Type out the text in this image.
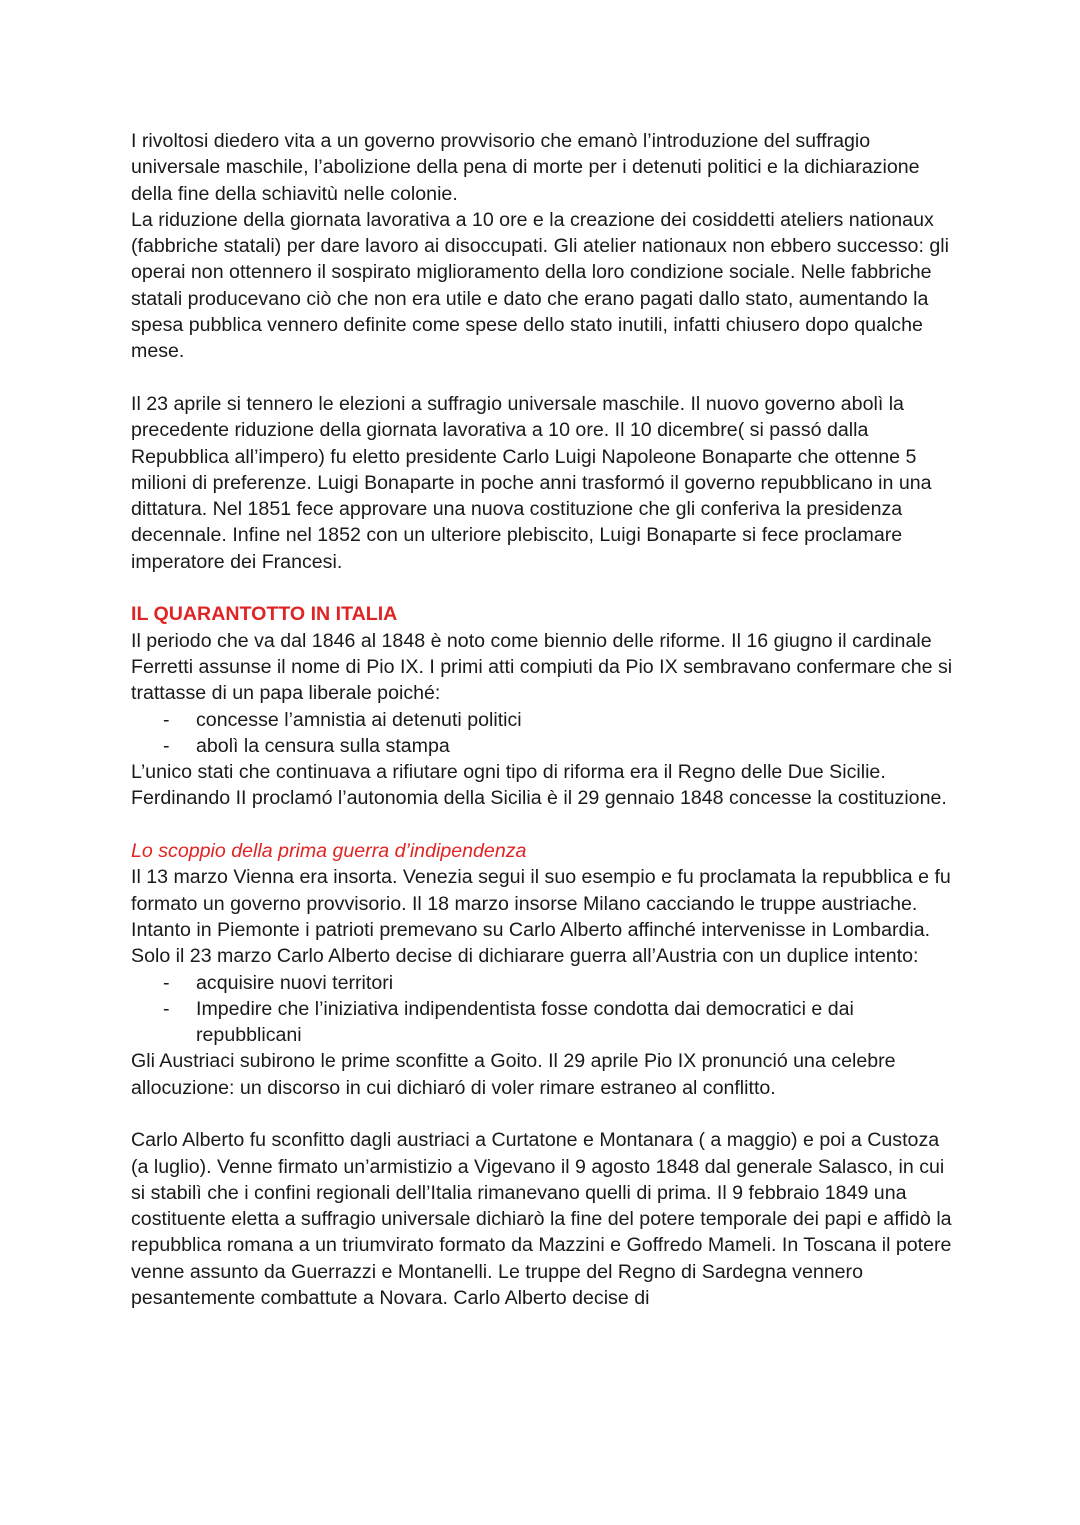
I rivoltosi diedero vita a un governo provvisorio che emanò l’introduzione del suffragio universale maschile, l’abolizione della pena di morte per i detenuti politici e la dichiarazione della fine della schiavitù nelle colonie.

La riduzione della giornata lavorativa a 10 ore e la creazione dei cosiddetti ateliers nationaux (fabbriche statali) per dare lavoro ai disoccupati. Gli atelier nationaux non ebbero successo: gli operai non ottennero il sospirato miglioramento della loro condizione sociale. Nelle fabbriche statali producevano ciò che non era utile e dato che erano pagati dallo stato, aumentando la spesa pubblica vennero definite come spese dello stato inutili, infatti chiusero dopo qualche mese.

Il 23 aprile si tennero le elezioni a suffragio universale maschile. Il nuovo governo abolì la precedente riduzione della giornata lavorativa a 10 ore. Il 10 dicembre( si passó dalla Repubblica all’impero) fu eletto presidente Carlo Luigi Napoleone Bonaparte che ottenne 5 milioni di preferenze. Luigi Bonaparte in poche anni trasformó il governo repubblicano in una dittatura. Nel 1851 fece approvare una nuova costituzione che gli conferiva la presidenza decennale. Infine nel 1852 con un ulteriore plebiscito, Luigi Bonaparte si fece proclamare imperatore dei Francesi.

IL QUARANTOTTO IN ITALIA

Il periodo che va dal 1846 al 1848 è noto come biennio delle riforme. Il 16 giugno il cardinale Ferretti assunse il nome di Pio IX. I primi atti compiuti da Pio IX sembravano confermare che si trattasse di un papa liberale poiché:

- concesse l’amnistia ai detenuti politici
- abolì la censura sulla stampa

L’unico stati che continuava a rifiutare ogni tipo di riforma era il Regno delle Due Sicilie. Ferdinando II proclamó l’autonomia della Sicilia è il 29 gennaio 1848 concesse la costituzione.

Lo scoppio della prima guerra d’indipendenza

Il 13 marzo Vienna era insorta. Venezia segui il suo esempio e fu proclamata la repubblica e fu formato un governo provvisorio. Il 18 marzo insorse Milano cacciando le truppe austriache. Intanto in Piemonte i patrioti premevano su Carlo Alberto affinché intervenisse in Lombardia. Solo il 23 marzo Carlo Alberto decise di dichiarare guerra all’Austria con un duplice intento:

- acquisire nuovi territori
- Impedire che l’iniziativa indipendentista fosse condotta dai democratici e dai repubblicani

Gli Austriaci subirono le prime sconfitte a Goito. Il 29 aprile Pio IX pronunció una celebre allocuzione: un discorso in cui dichiaró di voler rimare estraneo al conflitto.

Carlo Alberto fu sconfitto dagli austriaci a Curtatone e Montanara ( a maggio) e poi a Custoza (a luglio). Venne firmato un’armistizio a Vigevano il 9 agosto 1848 dal generale Salasco, in cui si stabilì che i confini regionali dell’Italia rimanevano quelli di prima. Il 9 febbraio 1849 una costituente eletta a suffragio universale dichiarò la fine del potere temporale dei papi e affidò la repubblica romana a un triumvirato formato da Mazzini e Goffredo Mameli. In Toscana il potere venne assunto da Guerrazzi e Montanelli. Le truppe del Regno di Sardegna vennero pesantemente combattute a Novara. Carlo Alberto decise di
